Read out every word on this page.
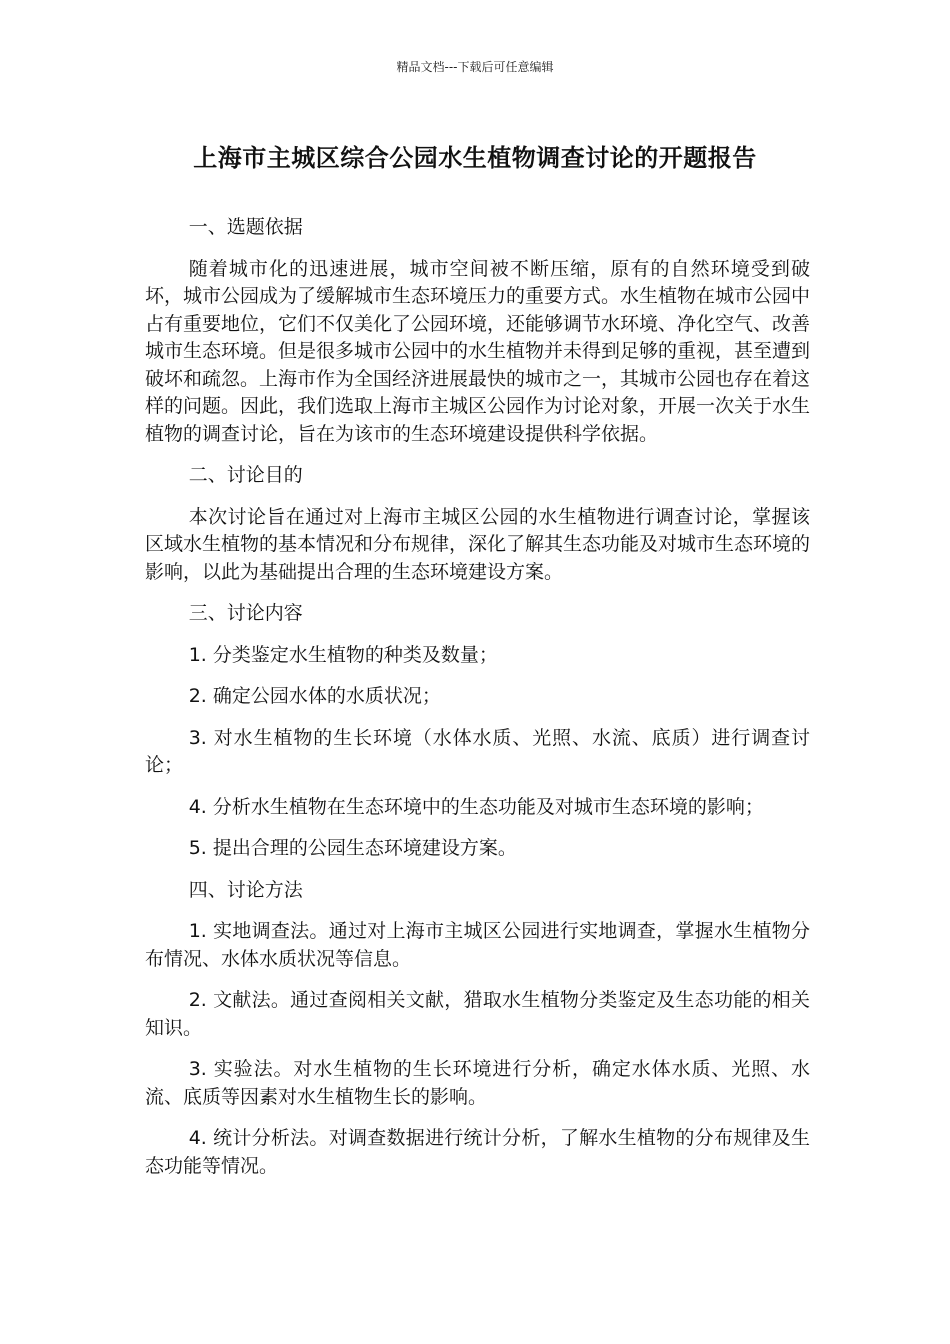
精品文档---下载后可任意编辑
上海市主城区综合公园水生植物调查讨论的开题报告

一、选题依据

随着城市化的迅速进展，城市空间被不断压缩，原有的自然环境受到破坏，城市公园成为了缓解城市生态环境压力的重要方式。水生植物在城市公园中占有重要地位，它们不仅美化了公园环境，还能够调节水环境、净化空气、改善城市生态环境。但是很多城市公园中的水生植物并未得到足够的重视，甚至遭到破坏和疏忽。上海市作为全国经济进展最快的城市之一，其城市公园也存在着这样的问题。因此，我们选取上海市主城区公园作为讨论对象，开展一次关于水生植物的调查讨论，旨在为该市的生态环境建设提供科学依据。

二、讨论目的

本次讨论旨在通过对上海市主城区公园的水生植物进行调查讨论，掌握该区域水生植物的基本情况和分布规律，深化了解其生态功能及对城市生态环境的影响，以此为基础提出合理的生态环境建设方案。

三、讨论内容

1. 分类鉴定水生植物的种类及数量；

2. 确定公园水体的水质状况；

3. 对水生植物的生长环境（水体水质、光照、水流、底质）进行调查讨论；

4. 分析水生植物在生态环境中的生态功能及对城市生态环境的影响；

5. 提出合理的公园生态环境建设方案。

四、讨论方法

1. 实地调查法。通过对上海市主城区公园进行实地调查，掌握水生植物分布情况、水体水质状况等信息。

2. 文献法。通过查阅相关文献，猎取水生植物分类鉴定及生态功能的相关知识。

3. 实验法。对水生植物的生长环境进行分析，确定水体水质、光照、水流、底质等因素对水生植物生长的影响。

4. 统计分析法。对调查数据进行统计分析，了解水生植物的分布规律及生态功能等情况。
